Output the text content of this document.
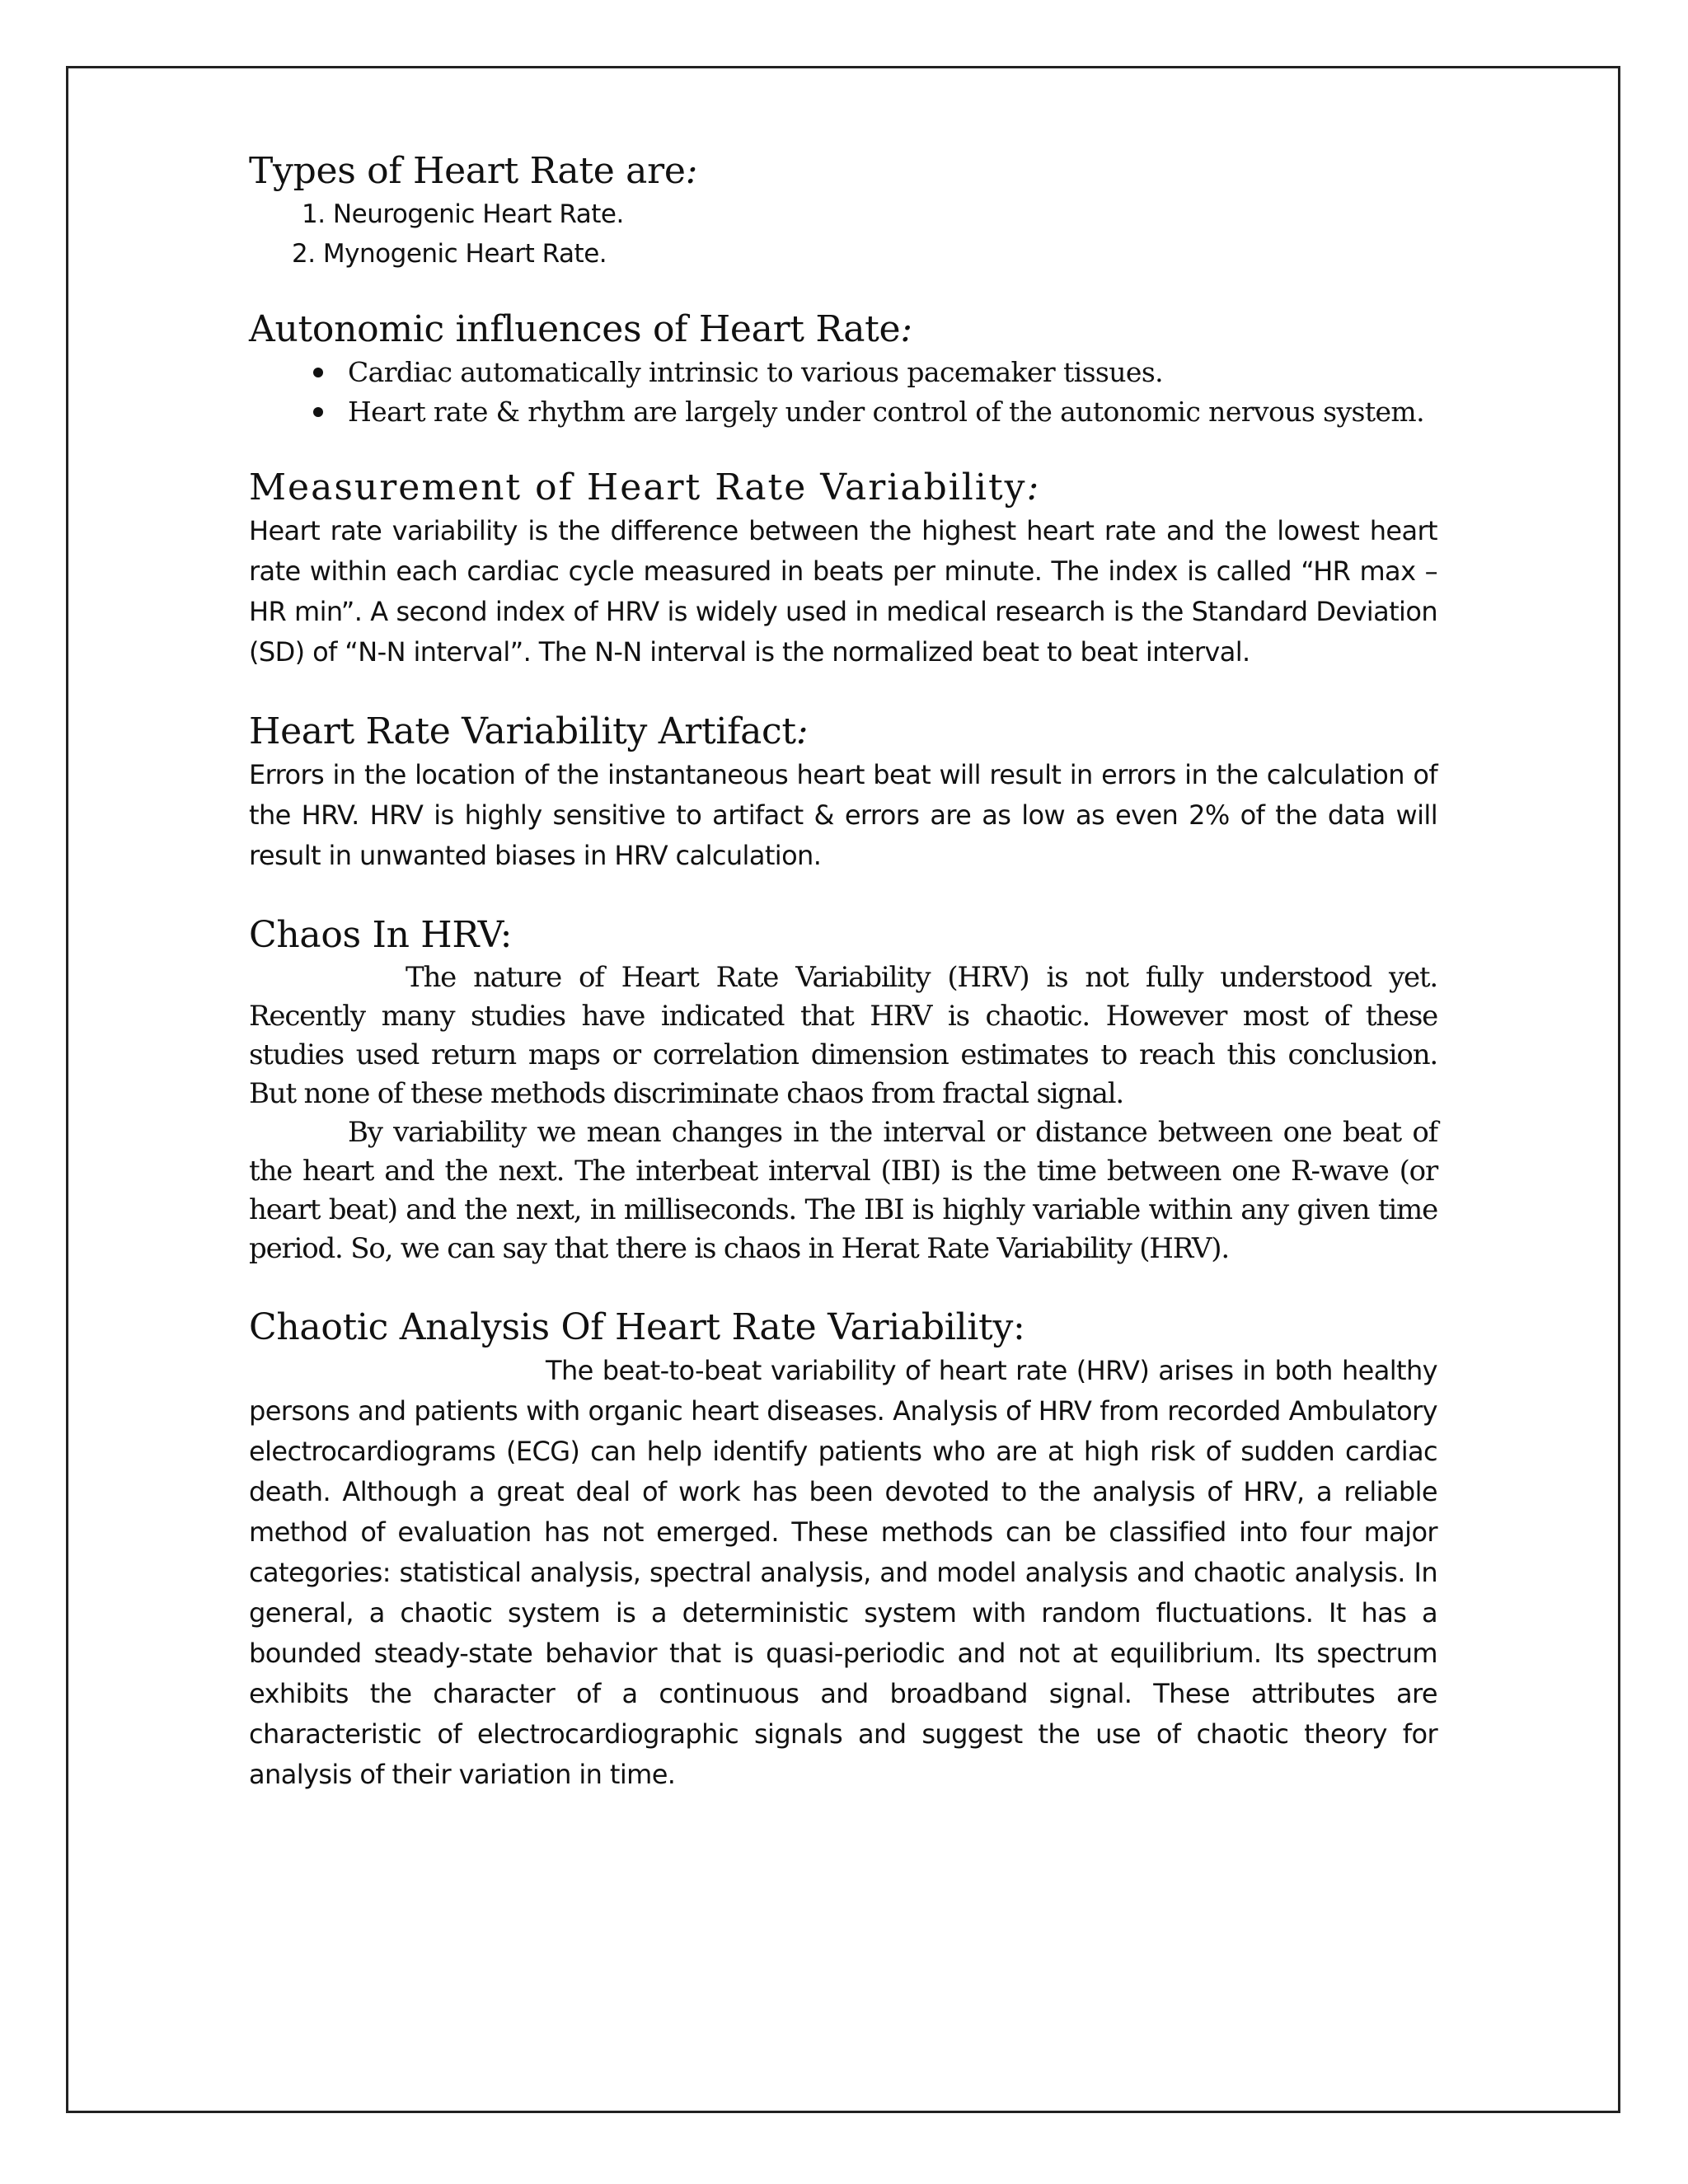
Types of Heart Rate are:
1. Neurogenic Heart Rate.
2. Mynogenic Heart Rate.
Autonomic influences of Heart Rate:
Cardiac automatically intrinsic to various pacemaker tissues.
Heart rate & rhythm are largely under control of the autonomic nervous system.
Measurement of Heart Rate Variability:

Heart rate variability is the difference between the highest heart rate and the lowest heart rate within each cardiac cycle measured in beats per minute. The index is called “HR max – HR min”. A second index of HRV is widely used in medical research is the Standard Deviation (SD) of “N-N interval”. The N-N interval is the normalized beat to beat interval.

Heart Rate Variability Artifact:

Errors in the location of the instantaneous heart beat will result in errors in the calculation of the HRV. HRV is highly sensitive to artifact & errors are as low as even 2% of the data will result in unwanted biases in HRV calculation.

Chaos In HRV:

The nature of Heart Rate Variability (HRV) is not fully understood yet. Recently many studies have indicated that HRV is chaotic. However most of these studies used return maps or correlation dimension estimates to reach this conclusion. But none of these methods discriminate chaos from fractal signal.

By variability we mean changes in the interval or distance between one beat of the heart and the next. The interbeat interval (IBI) is the time between one R-wave (or heart beat) and the next, in milliseconds. The IBI is highly variable within any given time period. So, we can say that there is chaos in Herat Rate Variability (HRV).

Chaotic Analysis Of Heart Rate Variability:

The beat-to-beat variability of heart rate (HRV) arises in both healthy persons and patients with organic heart diseases. Analysis of HRV from recorded Ambulatory electrocardiograms (ECG) can help identify patients who are at high risk of sudden cardiac death. Although a great deal of work has been devoted to the analysis of HRV, a reliable method of evaluation has not emerged. These methods can be classified into four major categories: statistical analysis, spectral analysis, and model analysis and chaotic analysis. In general, a chaotic system is a deterministic system with random fluctuations. It has a bounded steady-state behavior that is quasi-periodic and not at equilibrium. Its spectrum exhibits the character of a continuous and broadband signal. These attributes are characteristic of electrocardiographic signals and suggest the use of chaotic theory for analysis of their variation in time.
